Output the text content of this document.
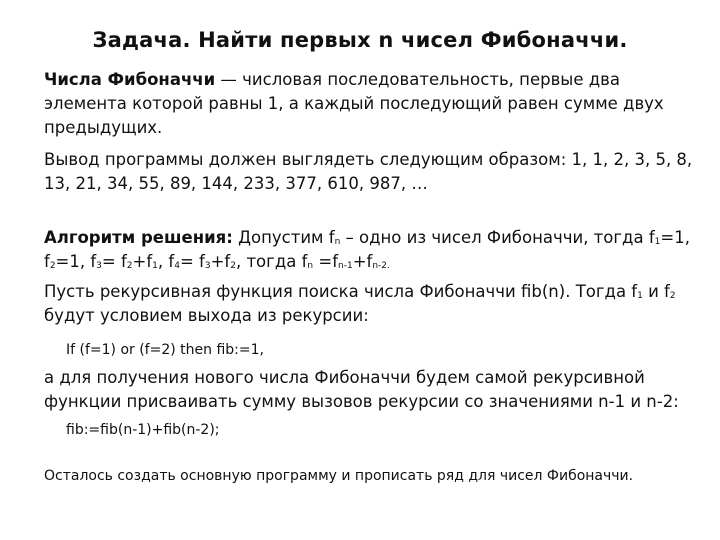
Задача. Найти первых n чисел Фибоначчи.

Числа Фибоначчи — числовая последовательность, первые два элемента которой равны 1, а каждый последующий равен сумме двух предыдущих.

Вывод программы должен выглядеть следующим образом: 1, 1, 2, 3, 5, 8, 13, 21, 34, 55, 89, 144, 233, 377, 610, 987, …

Алгоритм решения: Допустим $f_n$ – одно из чисел Фибоначчи, тогда $f_1=1$, $f_2=1$, $f_3= f_2+f_1$, $f_4= f_3+f_2$, тогда $f_n =f_{n-1}+f_{n-2.}$

Пусть рекурсивная функция поиска числа Фибоначчи fib(n). Тогда $f_1$ и $f_2$ будут условием выхода из рекурсии:

If (f=1) or (f=2) then fib:=1,

а для получения нового числа Фибоначчи будем самой рекурсивной функции присваивать сумму вызовов рекурсии со значениями n-1 и n-2:

fib:=fib(n-1)+fib(n-2);

Осталось создать основную программу и прописать ряд для чисел Фибоначчи.
